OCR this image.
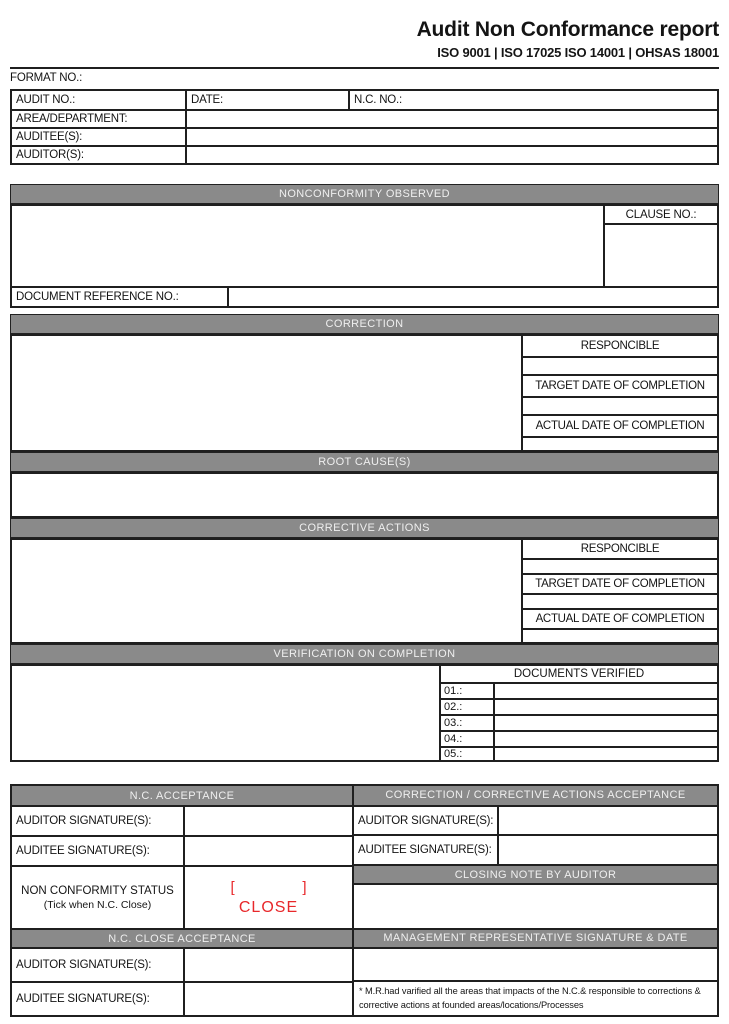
Audit Non Conformance report
ISO 9001 | ISO 17025 ISO 14001 | OHSAS 18001
FORMAT NO.:
AUDIT NO.:	DATE:	N.C. NO.:
AREA/DEPARTMENT:
AUDITEE(S):
AUDITOR(S):
NONCONFORMITY OBSERVED
CLAUSE NO.:
DOCUMENT REFERENCE NO.:
CORRECTION
RESPONCIBLE
TARGET DATE OF COMPLETION
ACTUAL DATE OF COMPLETION
ROOT CAUSE(S)
CORRECTIVE ACTIONS
RESPONCIBLE
TARGET DATE OF COMPLETION
ACTUAL DATE OF COMPLETION
VERIFICATION ON COMPLETION
DOCUMENTS VERIFIED
01.:
02.:
03.:
04.:
05.:
N.C. ACCEPTANCE
AUDITOR SIGNATURE(S):
AUDITEE SIGNATURE(S):
NON CONFORMITY STATUS
(Tick when N.C. Close)
[	]
CLOSE
N.C. CLOSE ACCEPTANCE
AUDITOR SIGNATURE(S):
AUDITEE SIGNATURE(S):
CORRECTION / CORRECTIVE ACTIONS ACCEPTANCE
AUDITOR SIGNATURE(S):
AUDITEE SIGNATURE(S):
CLOSING NOTE BY AUDITOR
MANAGEMENT REPRESENTATIVE SIGNATURE & DATE
* M.R.had varified all the areas that impacts of the N.C.& responsible to corrections & corrective actions at founded areas/locations/Processes
